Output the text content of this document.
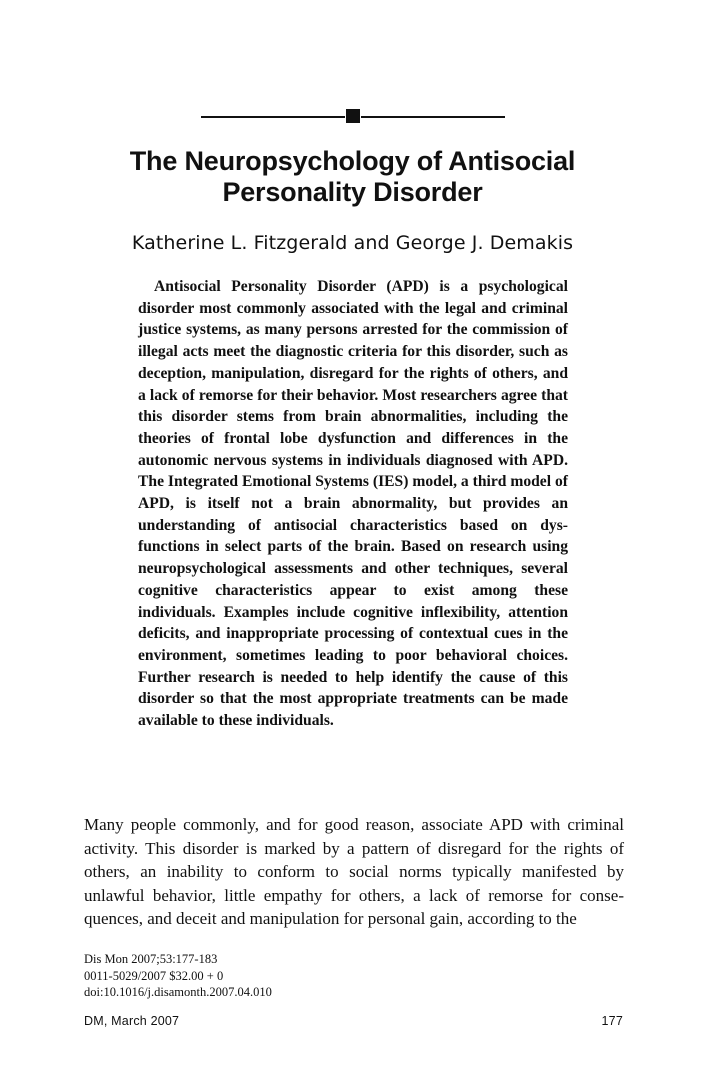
The Neuropsychology of Antisocial Personality Disorder
Katherine L. Fitzgerald and George J. Demakis

Antisocial Personality Disorder (APD) is a psychological disorder most commonly associated with the legal and criminal justice systems, as many persons arrested for the commission of illegal acts meet the diagnostic criteria for this disorder, such as deception, manipulation, disregard for the rights of others, and a lack of remorse for their behavior. Most researchers agree that this disorder stems from brain abnormalities, including the theories of frontal lobe dysfunction and differences in the autonomic nervous systems in individuals diagnosed with APD. The Integrated Emotional Systems (IES) model, a third model of APD, is itself not a brain abnormality, but provides an understanding of antisocial characteristics based on dysfunctions in select parts of the brain. Based on research using neuropsychological assessments and other techniques, several cognitive characteristics appear to exist among these individuals. Examples include cognitive inflexibility, attention deficits, and inappropriate processing of contextual cues in the environment, sometimes leading to poor behavioral choices. Further research is needed to help identify the cause of this disorder so that the most appropriate treatments can be made available to these individuals.

Many people commonly, and for good reason, associate APD with criminal activity. This disorder is marked by a pattern of disregard for the rights of others, an inability to conform to social norms typically manifested by unlawful behavior, little empathy for others, a lack of remorse for consequences, and deceit and manipulation for personal gain, according to the

Dis Mon 2007;53:177-183
0011-5029/2007 $32.00 + 0
doi:10.1016/j.disamonth.2007.04.010
DM, March 2007	177
